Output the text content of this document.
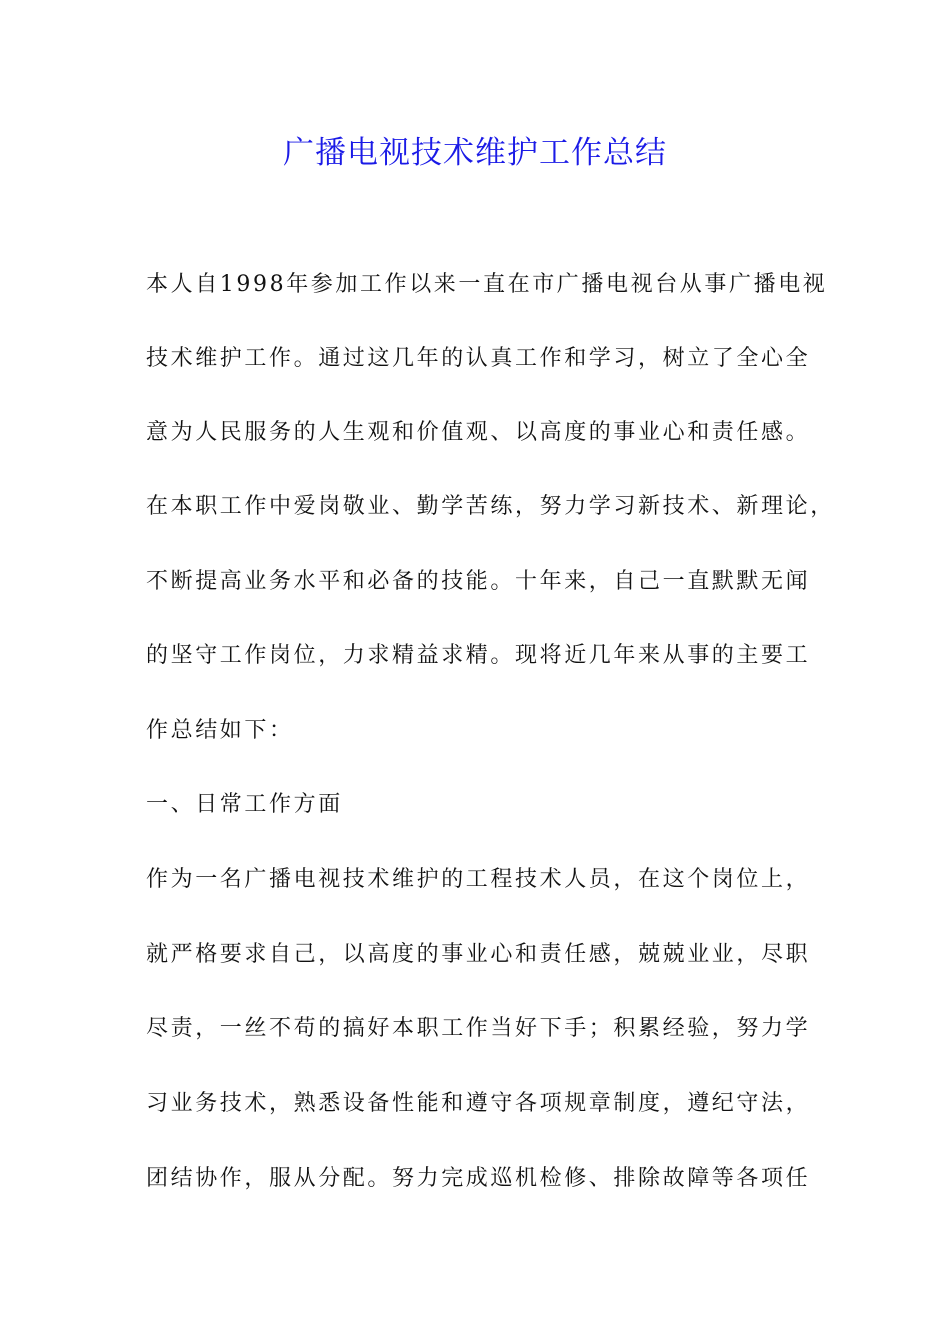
广播电视技术维护工作总结
本人自1998年参加工作以来一直在市广播电视台从事广播电视
技术维护工作。通过这几年的认真工作和学习，树立了全心全
意为人民服务的人生观和价值观、以高度的事业心和责任感。
在本职工作中爱岗敬业、勤学苦练，努力学习新技术、新理论，
不断提高业务水平和必备的技能。十年来，自己一直默默无闻
的坚守工作岗位，力求精益求精。现将近几年来从事的主要工
作总结如下：
一、日常工作方面
作为一名广播电视技术维护的工程技术人员，在这个岗位上，
就严格要求自己，以高度的事业心和责任感，兢兢业业，尽职
尽责，一丝不苟的搞好本职工作当好下手；积累经验，努力学
习业务技术，熟悉设备性能和遵守各项规章制度，遵纪守法，
团结协作，服从分配。努力完成巡机检修、排除故障等各项任
